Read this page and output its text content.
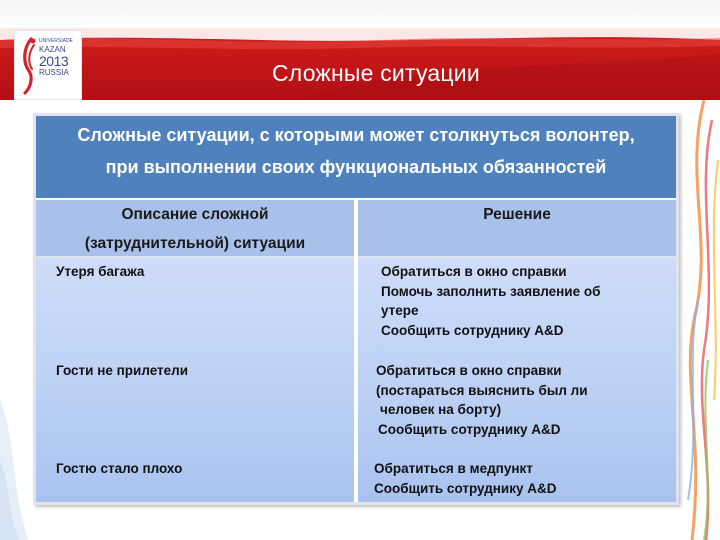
UNIVERSIADE
KAZAN
2013
RUSSIA	Сложные ситуации
Сложные ситуации, с которыми может столкнуться волонтер,
при выполнении своих функциональных обязанностей
Описание сложной
(затруднительной) ситуации
Решение
Утеря багажа	Обратиться в окно справки
Помочь заполнить заявление об
утере
Сообщить сотруднику A&D
Гости не прилетели	Обратиться в окно справки
(постараться выяснить был ли
человек на борту)
Сообщить сотруднику A&D
Гостю стало плохо	Обратиться в медпункт
Сообщить сотруднику A&D
